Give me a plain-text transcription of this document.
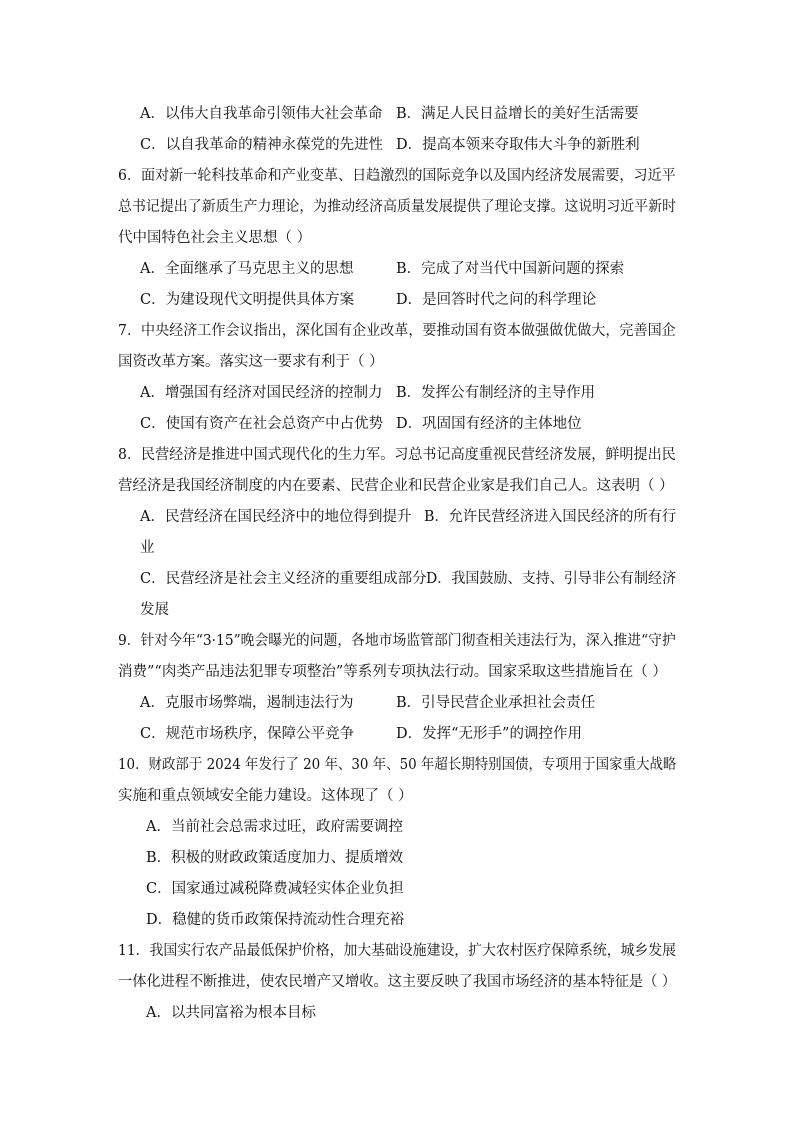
A．以伟大自我革命引领伟大社会革命 B．满足人民日益增长的美好生活需要
C．以自我革命的精神永葆党的先进性 D．提高本领来夺取伟大斗争的新胜利
6．面对新一轮科技革命和产业变革、日趋激烈的国际竞争以及国内经济发展需要，习近平
总书记提出了新质生产力理论，为推动经济高质量发展提供了理论支撑。这说明习近平新时
代中国特色社会主义思想（ ）
A．全面继承了马克思主义的思想	B．完成了对当代中国新问题的探索
C．为建设现代文明提供具体方案	D．是回答时代之问的科学理论
7．中央经济工作会议指出，深化国有企业改革，要推动国有资本做强做优做大，完善国企
国资改革方案。落实这一要求有利于（ ）
A．增强国有经济对国民经济的控制力 B．发挥公有制经济的主导作用
C．使国有资产在社会总资产中占优势 D．巩固国有经济的主体地位
8．民营经济是推进中国式现代化的生力军。习总书记高度重视民营经济发展，鲜明提出民
营经济是我国经济制度的内在要素、民营企业和民营企业家是我们自己人。这表明（ ）
A．民营经济在国民经济中的地位得到提升 B．允许民营经济进入国民经济的所有行
业
C．民营经济是社会主义经济的重要组成部分 D．我国鼓励、支持、引导非公有制经济
发展
9．针对今年“3·15”晚会曝光的问题，各地市场监管部门彻查相关违法行为，深入推进“守护
消费”“肉类产品违法犯罪专项整治”等系列专项执法行动。国家采取这些措施旨在（ ）
A．克服市场弊端，遏制违法行为	B．引导民营企业承担社会责任
C．规范市场秩序，保障公平竞争	D．发挥“无形手”的调控作用
10．财政部于 2024 年发行了 20 年、30 年、50 年超长期特别国债，专项用于国家重大战略
实施和重点领域安全能力建设。这体现了（ ）
A．当前社会总需求过旺，政府需要调控
B．积极的财政政策适度加力、提质增效
C．国家通过减税降费减轻实体企业负担
D．稳健的货币政策保持流动性合理充裕
11．我国实行农产品最低保护价格，加大基础设施建设，扩大农村医疗保障系统，城乡发展
一体化进程不断推进，使农民增产又增收。这主要反映了我国市场经济的基本特征是（ ）
A．以共同富裕为根本目标
